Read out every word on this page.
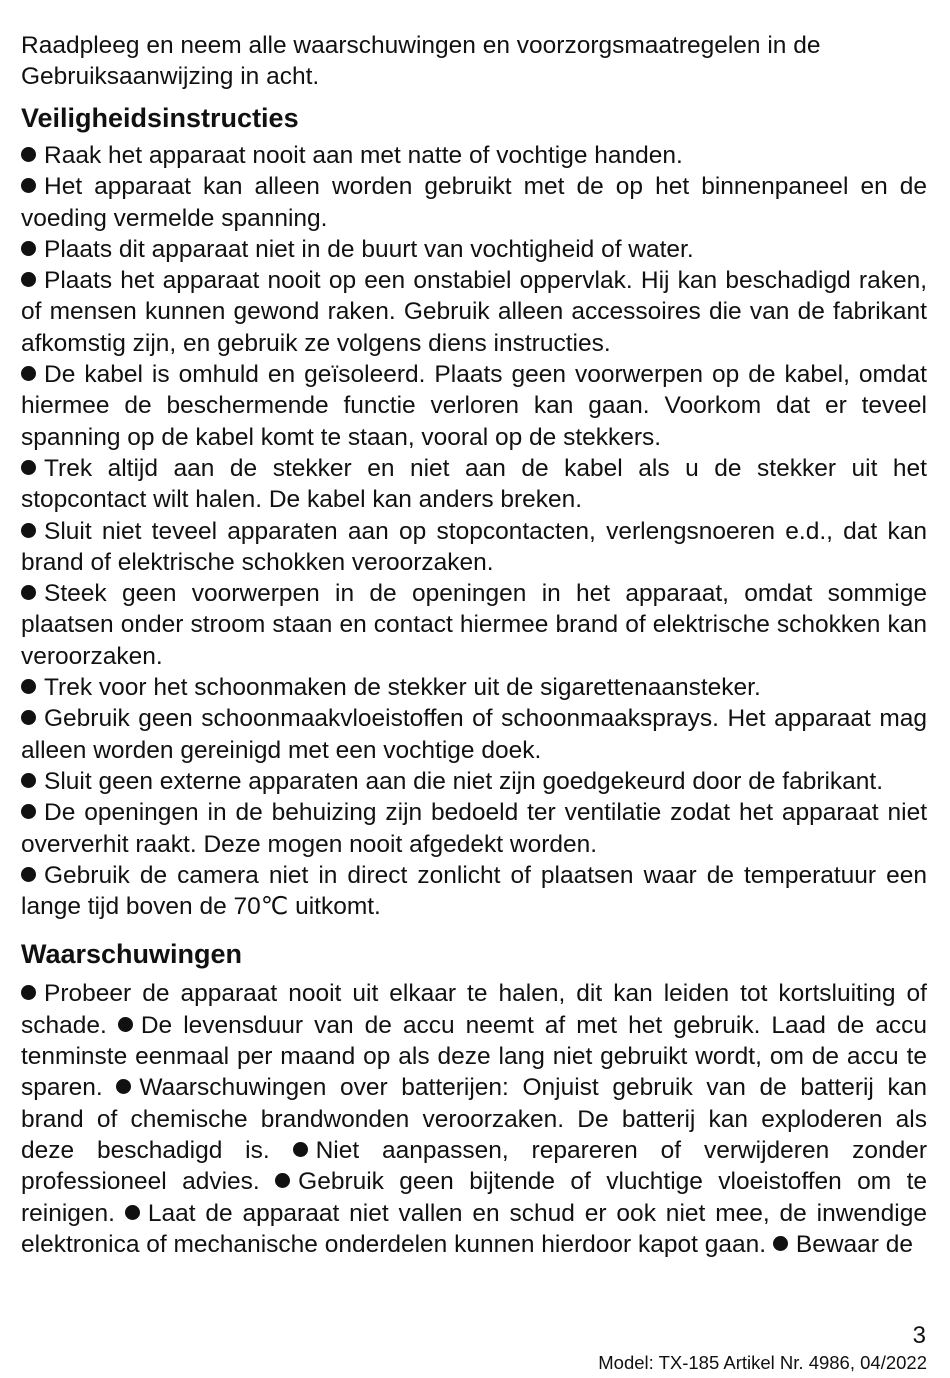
Raadpleeg en neem alle waarschuwingen en voorzorgsmaatregelen in de Gebruiksaanwijzing in acht.

Veiligheidsinstructies

Raak het apparaat nooit aan met natte of vochtige handen.

Het apparaat kan alleen worden gebruikt met de op het binnenpaneel en de voeding vermelde spanning.

Plaats dit apparaat niet in de buurt van vochtigheid of water.

Plaats het apparaat nooit op een onstabiel oppervlak. Hij kan beschadigd raken, of mensen kunnen gewond raken. Gebruik alleen accessoires die van de fabrikant afkomstig zijn, en gebruik ze volgens diens instructies.

De kabel is omhuld en geïsoleerd. Plaats geen voorwerpen op de kabel, omdat hiermee de beschermende functie verloren kan gaan. Voorkom dat er teveel spanning op de kabel komt te staan, vooral op de stekkers.

Trek altijd aan de stekker en niet aan de kabel als u de stekker uit het stopcontact wilt halen. De kabel kan anders breken.

Sluit niet teveel apparaten aan op stopcontacten, verlengsnoeren e.d., dat kan brand of elektrische schokken veroorzaken.

Steek geen voorwerpen in de openingen in het apparaat, omdat sommige plaatsen onder stroom staan en contact hiermee brand of elektrische schokken kan veroorzaken.

Trek voor het schoonmaken de stekker uit de sigarettenaansteker.

Gebruik geen schoonmaakvloeistoffen of schoonmaaksprays. Het apparaat mag alleen worden gereinigd met een vochtige doek.

Sluit geen externe apparaten aan die niet zijn goedgekeurd door de fabrikant.

De openingen in de behuizing zijn bedoeld ter ventilatie zodat het apparaat niet oververhit raakt. Deze mogen nooit afgedekt worden.

Gebruik de camera niet in direct zonlicht of plaatsen waar de temperatuur een lange tijd boven de 70℃ uitkomt.

Waarschuwingen

Probeer de apparaat nooit uit elkaar te halen, dit kan leiden tot kortsluiting of schade. De levensduur van de accu neemt af met het gebruik. Laad de accu tenminste eenmaal per maand op als deze lang niet gebruikt wordt, om de accu te sparen. Waarschuwingen over batterijen: Onjuist gebruik van de batterij kan brand of chemische brandwonden veroorzaken. De batterij kan exploderen als deze beschadigd is. Niet aanpassen, repareren of verwijderen zonder professioneel advies. Gebruik geen bijtende of vluchtige vloeistoffen om te reinigen. Laat de apparaat niet vallen en schud er ook niet mee, de inwendige elektronica of mechanische onderdelen kunnen hierdoor kapot gaan. Bewaar de

3
Model: TX-185 Artikel Nr. 4986, 04/2022
